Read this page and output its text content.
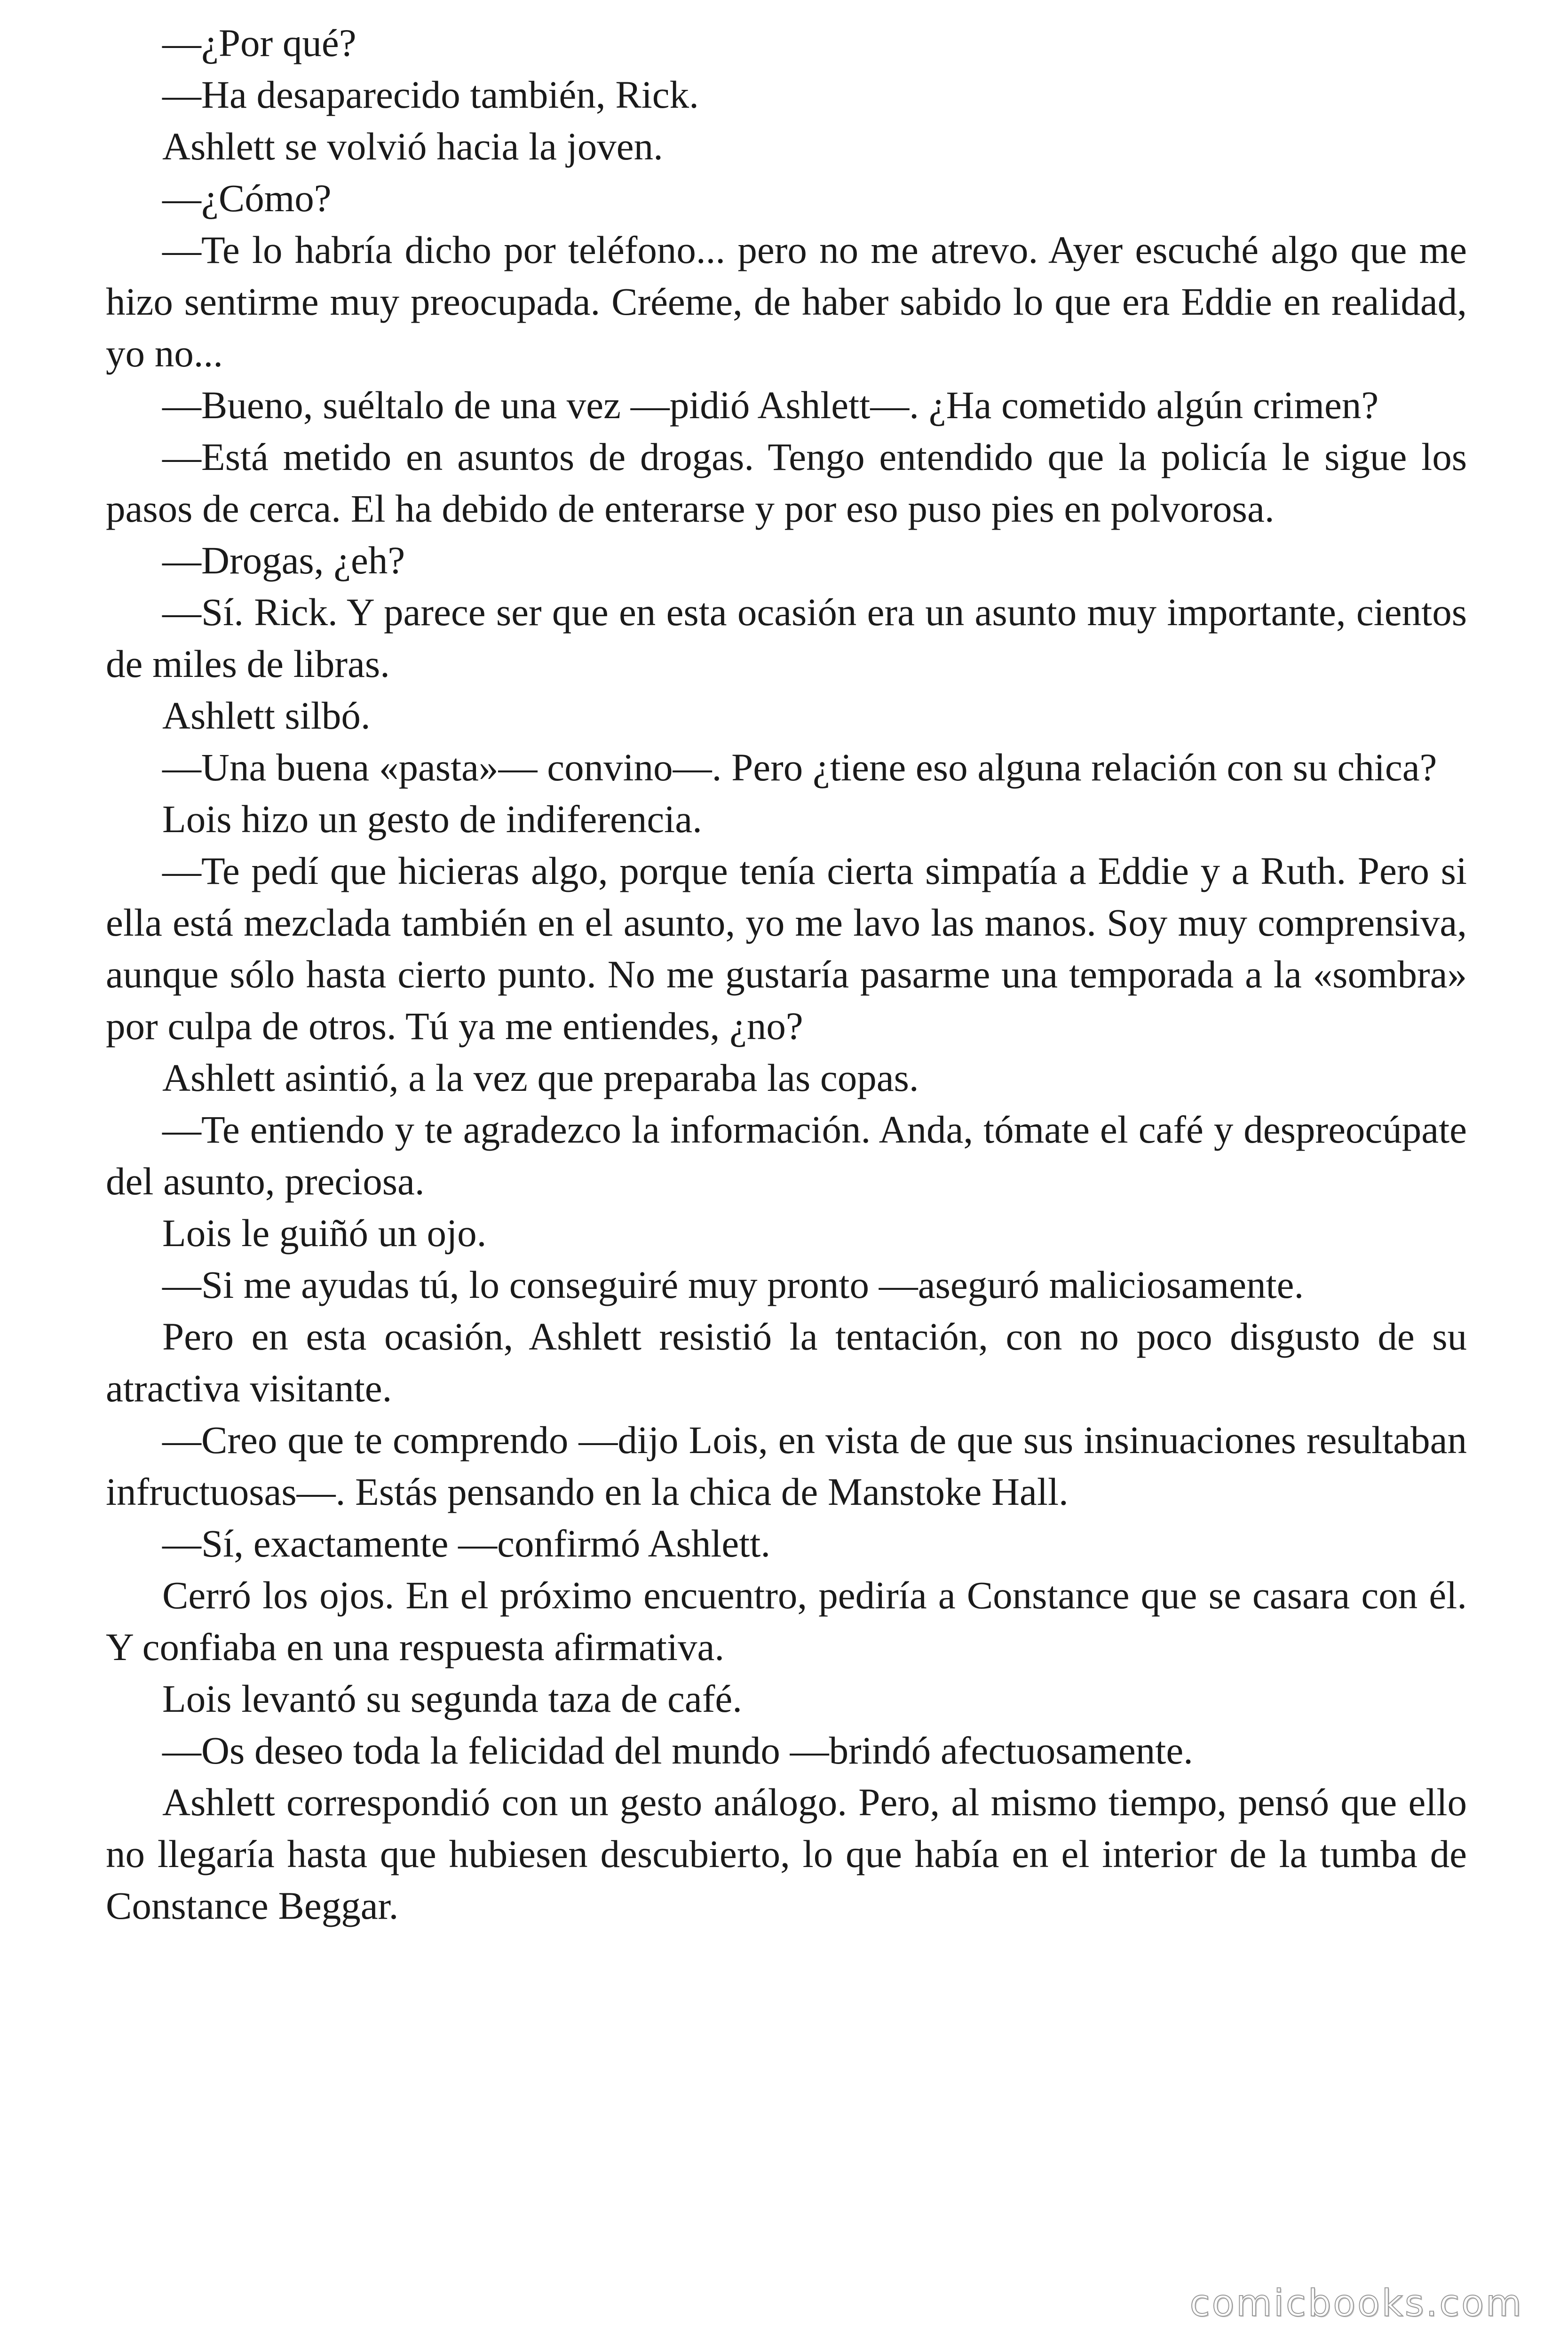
—¿Por qué?

—Ha desaparecido también, Rick.

Ashlett se volvió hacia la joven.

—¿Cómo?

—Te lo habría dicho por teléfono... pero no me atrevo. Ayer escuché algo que me hizo sentirme muy preocupada. Créeme, de haber sabido lo que era Eddie en realidad, yo no...

—Bueno, suéltalo de una vez —pidió Ashlett—. ¿Ha cometido algún crimen?

—Está metido en asuntos de drogas. Tengo entendido que la policía le sigue los pasos de cerca. El ha debido de enterarse y por eso puso pies en polvorosa.

—Drogas, ¿eh?

—Sí. Rick. Y parece ser que en esta ocasión era un asunto muy importante, cientos de miles de libras.

Ashlett silbó.

—Una buena «pasta»— convino—. Pero ¿tiene eso alguna relación con su chica?

Lois hizo un gesto de indiferencia.

—Te pedí que hicieras algo, porque tenía cierta simpatía a Eddie y a Ruth. Pero si ella está mezclada también en el asunto, yo me lavo las manos. Soy muy comprensiva, aunque sólo hasta cierto punto. No me gustaría pasarme una temporada a la «sombra» por culpa de otros. Tú ya me entiendes, ¿no?

Ashlett asintió, a la vez que preparaba las copas.

—Te entiendo y te agradezco la información. Anda, tómate el café y despreocúpate del asunto, preciosa.

Lois le guiñó un ojo.

—Si me ayudas tú, lo conseguiré muy pronto —aseguró maliciosamente.

Pero en esta ocasión, Ashlett resistió la tentación, con no poco disgusto de su atractiva visitante.

—Creo que te comprendo —dijo Lois, en vista de que sus insinuaciones resultaban infructuosas—. Estás pensando en la chica de Manstoke Hall.

—Sí, exactamente —confirmó Ashlett.

Cerró los ojos. En el próximo encuentro, pediría a Constance que se casara con él. Y confiaba en una respuesta afirmativa.

Lois levantó su segunda taza de café.

—Os deseo toda la felicidad del mundo —brindó afectuosamente.

Ashlett correspondió con un gesto análogo. Pero, al mismo tiempo, pensó que ello no llegaría hasta que hubiesen descubierto, lo que había en el interior de la tumba de Constance Beggar.

comicbooks.com
